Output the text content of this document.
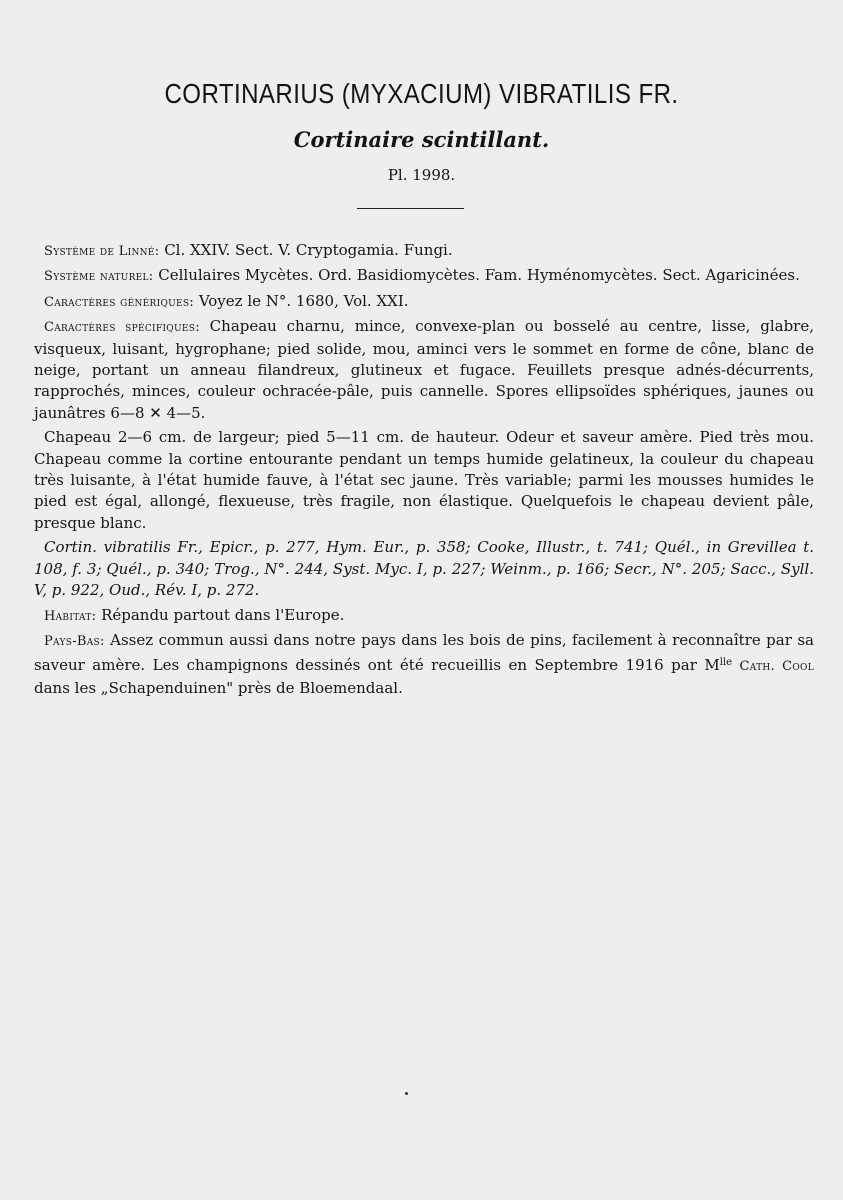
CORTINARIUS (MYXACIUM) VIBRATILIS FR.
Cortinaire scintillant.
Pl. 1998.

Système de Linné: Cl. XXIV. Sect. V. Cryptogamia. Fungi.

Système naturel: Cellulaires Mycètes. Ord. Basidiomycètes. Fam. Hyménomycètes. Sect. Agaricinées.

Caractères génériques: Voyez le N°. 1680, Vol. XXI.

Caractères spécifiques: Chapeau charnu, mince, convexe-plan ou bosselé au centre, lisse, glabre, visqueux, luisant, hygrophane; pied solide, mou, aminci vers le sommet en forme de cône, blanc de neige, portant un anneau filandreux, glutineux et fugace. Feuillets presque adnés-décurrents, rapprochés, minces, couleur ochracée-pâle, puis cannelle. Spores ellipsoïdes sphériques, jaunes ou jaunâtres 6—8 ✕ 4—5.

Chapeau 2—6 cm. de largeur; pied 5—11 cm. de hauteur. Odeur et saveur amère. Pied très mou. Chapeau comme la cortine entourante pendant un temps humide gelatineux, la couleur du chapeau très luisante, à l'état humide fauve, à l'état sec jaune. Très variable; parmi les mousses humides le pied est égal, allongé, flexueuse, très fragile, non élastique. Quelquefois le chapeau devient pâle, presque blanc.

Cortin. vibratilis Fr., Epicr., p. 277, Hym. Eur., p. 358; Cooke, Illustr., t. 741; Quél., in Grevillea t. 108, f. 3; Quél., p. 340; Trog., N°. 244, Syst. Myc. I, p. 227; Weinm., p. 166; Secr., N°. 205; Sacc., Syll. V, p. 922, Oud., Rév. I, p. 272.

Habitat: Répandu partout dans l'Europe.

Pays-Bas: Assez commun aussi dans notre pays dans les bois de pins, facilement à reconnaître par sa saveur amère. Les champignons dessinés ont été recueillis en Septembre 1916 par $M^{lle}$ Cath. Cool dans les „Schapenduinen" près de Bloemendaal.
